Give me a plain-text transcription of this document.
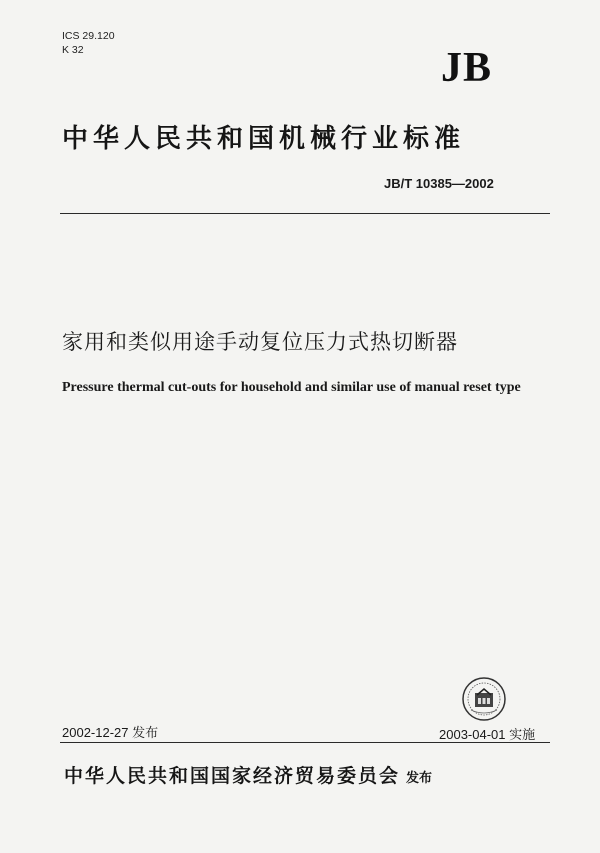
ICS 29.120
K 32	JB
中华人民共和国机械行业标准
JB/T 10385—2002
家用和类似用途手动复位压力式热切断器
Pressure thermal cut-outs for household and similar use of manual reset type
2002-12-27 发布	2003-04-01 实施
中华人民共和国国家经济贸易委员会 发布
